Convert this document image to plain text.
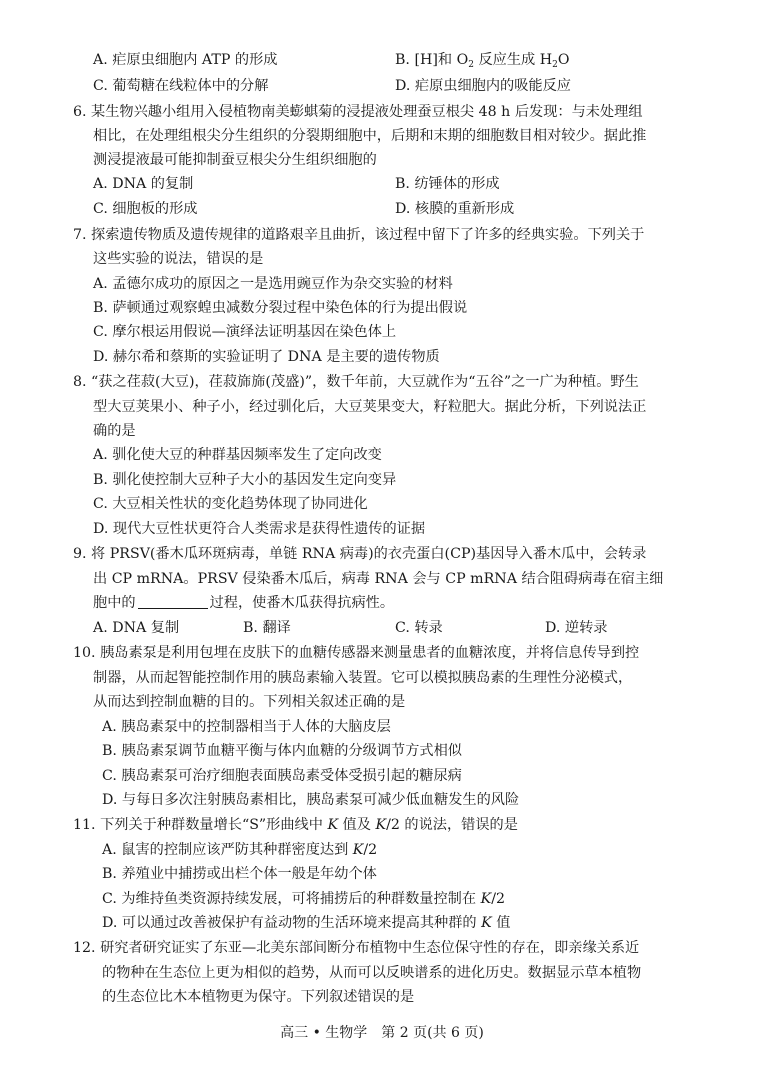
A. 疟原虫细胞内 ATP 的形成	B. [H]和 $O_2$ 反应生成 $H_2O$
C. 葡萄糖在线粒体中的分解	D. 疟原虫细胞内的吸能反应
6. 某生物兴趣小组用入侵植物南美蟛蜞菊的浸提液处理蚕豆根尖 48 h 后发现：与未处理组
相比，在处理组根尖分生组织的分裂期细胞中，后期和末期的细胞数目相对较少。据此推
测浸提液最可能抑制蚕豆根尖分生组织细胞的
A. DNA 的复制	B. 纺锤体的形成
C. 细胞板的形成	D. 核膜的重新形成
7. 探索遗传物质及遗传规律的道路艰辛且曲折，该过程中留下了许多的经典实验。下列关于
这些实验的说法，错误的是
A. 孟德尔成功的原因之一是选用豌豆作为杂交实验的材料
B. 萨顿通过观察蝗虫减数分裂过程中染色体的行为提出假说
C. 摩尔根运用假说—演绎法证明基因在染色体上
D. 赫尔希和蔡斯的实验证明了 DNA 是主要的遗传物质
8. “获之荏菽(大豆)，荏菽旆旆(茂盛)”，数千年前，大豆就作为“五谷”之一广为种植。野生
型大豆荚果小、种子小，经过驯化后，大豆荚果变大，籽粒肥大。据此分析，下列说法正
确的是
A. 驯化使大豆的种群基因频率发生了定向改变
B. 驯化使控制大豆种子大小的基因发生定向变异
C. 大豆相关性状的变化趋势体现了协同进化
D. 现代大豆性状更符合人类需求是获得性遗传的证据
9. 将 PRSV(番木瓜环斑病毒，单链 RNA 病毒)的衣壳蛋白(CP)基因导入番木瓜中，会转录
出 CP mRNA。PRSV 侵染番木瓜后，病毒 RNA 会与 CP mRNA 结合阻碍病毒在宿主细
胞中的	过程，使番木瓜获得抗病性。
A. DNA 复制	B. 翻译	C. 转录	D. 逆转录
10. 胰岛素泵是利用包埋在皮肤下的血糖传感器来测量患者的血糖浓度，并将信息传导到控
制器，从而起智能控制作用的胰岛素输入装置。它可以模拟胰岛素的生理性分泌模式，
从而达到控制血糖的目的。下列相关叙述正确的是
A. 胰岛素泵中的控制器相当于人体的大脑皮层
B. 胰岛素泵调节血糖平衡与体内血糖的分级调节方式相似
C. 胰岛素泵可治疗细胞表面胰岛素受体受损引起的糖尿病
D. 与每日多次注射胰岛素相比，胰岛素泵可减少低血糖发生的风险
11. 下列关于种群数量增长“S”形曲线中 K 值及 K/2 的说法，错误的是
A. 鼠害的控制应该严防其种群密度达到 K/2
B. 养殖业中捕捞或出栏个体一般是年幼个体
C. 为维持鱼类资源持续发展，可将捕捞后的种群数量控制在 K/2
D. 可以通过改善被保护有益动物的生活环境来提高其种群的 K 值
12. 研究者研究证实了东亚—北美东部间断分布植物中生态位保守性的存在，即亲缘关系近
的物种在生态位上更为相似的趋势，从而可以反映谱系的进化历史。数据显示草本植物
的生态位比木本植物更为保守。下列叙述错误的是
高三 • 生物学　第 2 页(共 6 页)
